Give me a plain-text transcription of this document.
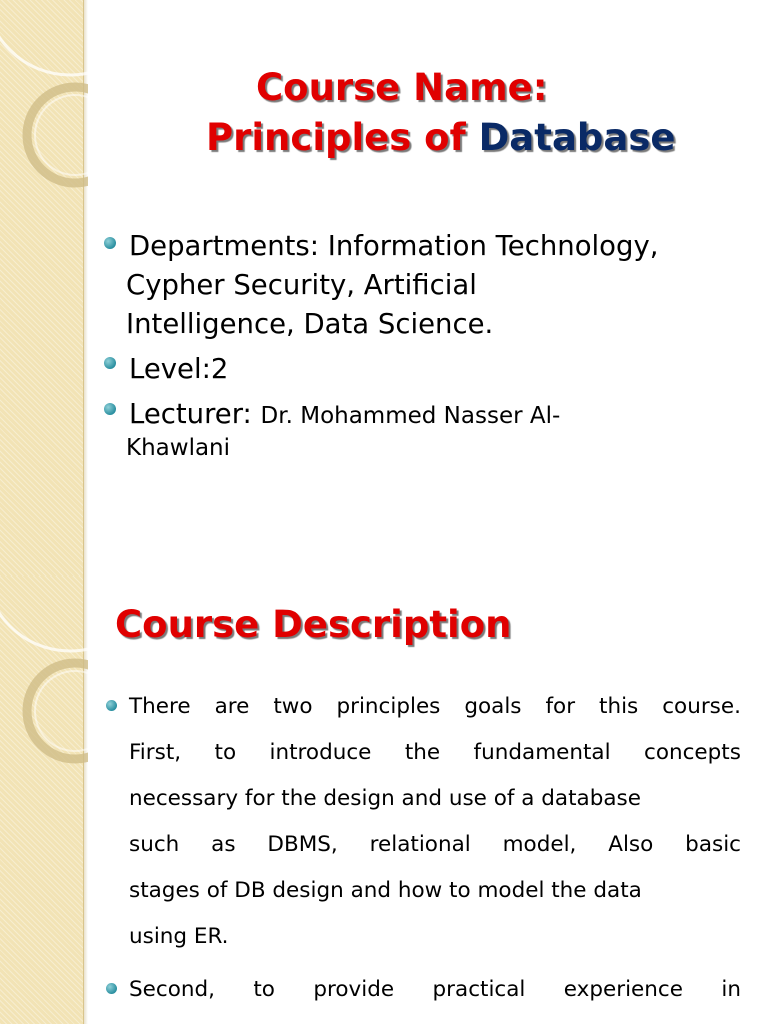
Course Name:
Principles of Database
Departments: Information Technology,
Cypher Security, Artificial
Intelligence, Data Science.
Level:2
Lecturer: Dr. Mohammed Nasser Al-
Khawlani
Course Description
There are two principles goals for this course.
First, to introduce the fundamental concepts
necessary for the design and use of a database
such as DBMS, relational model, Also basic
stages of DB design and how to model the data
using ER.
Second, to provide practical experience in
